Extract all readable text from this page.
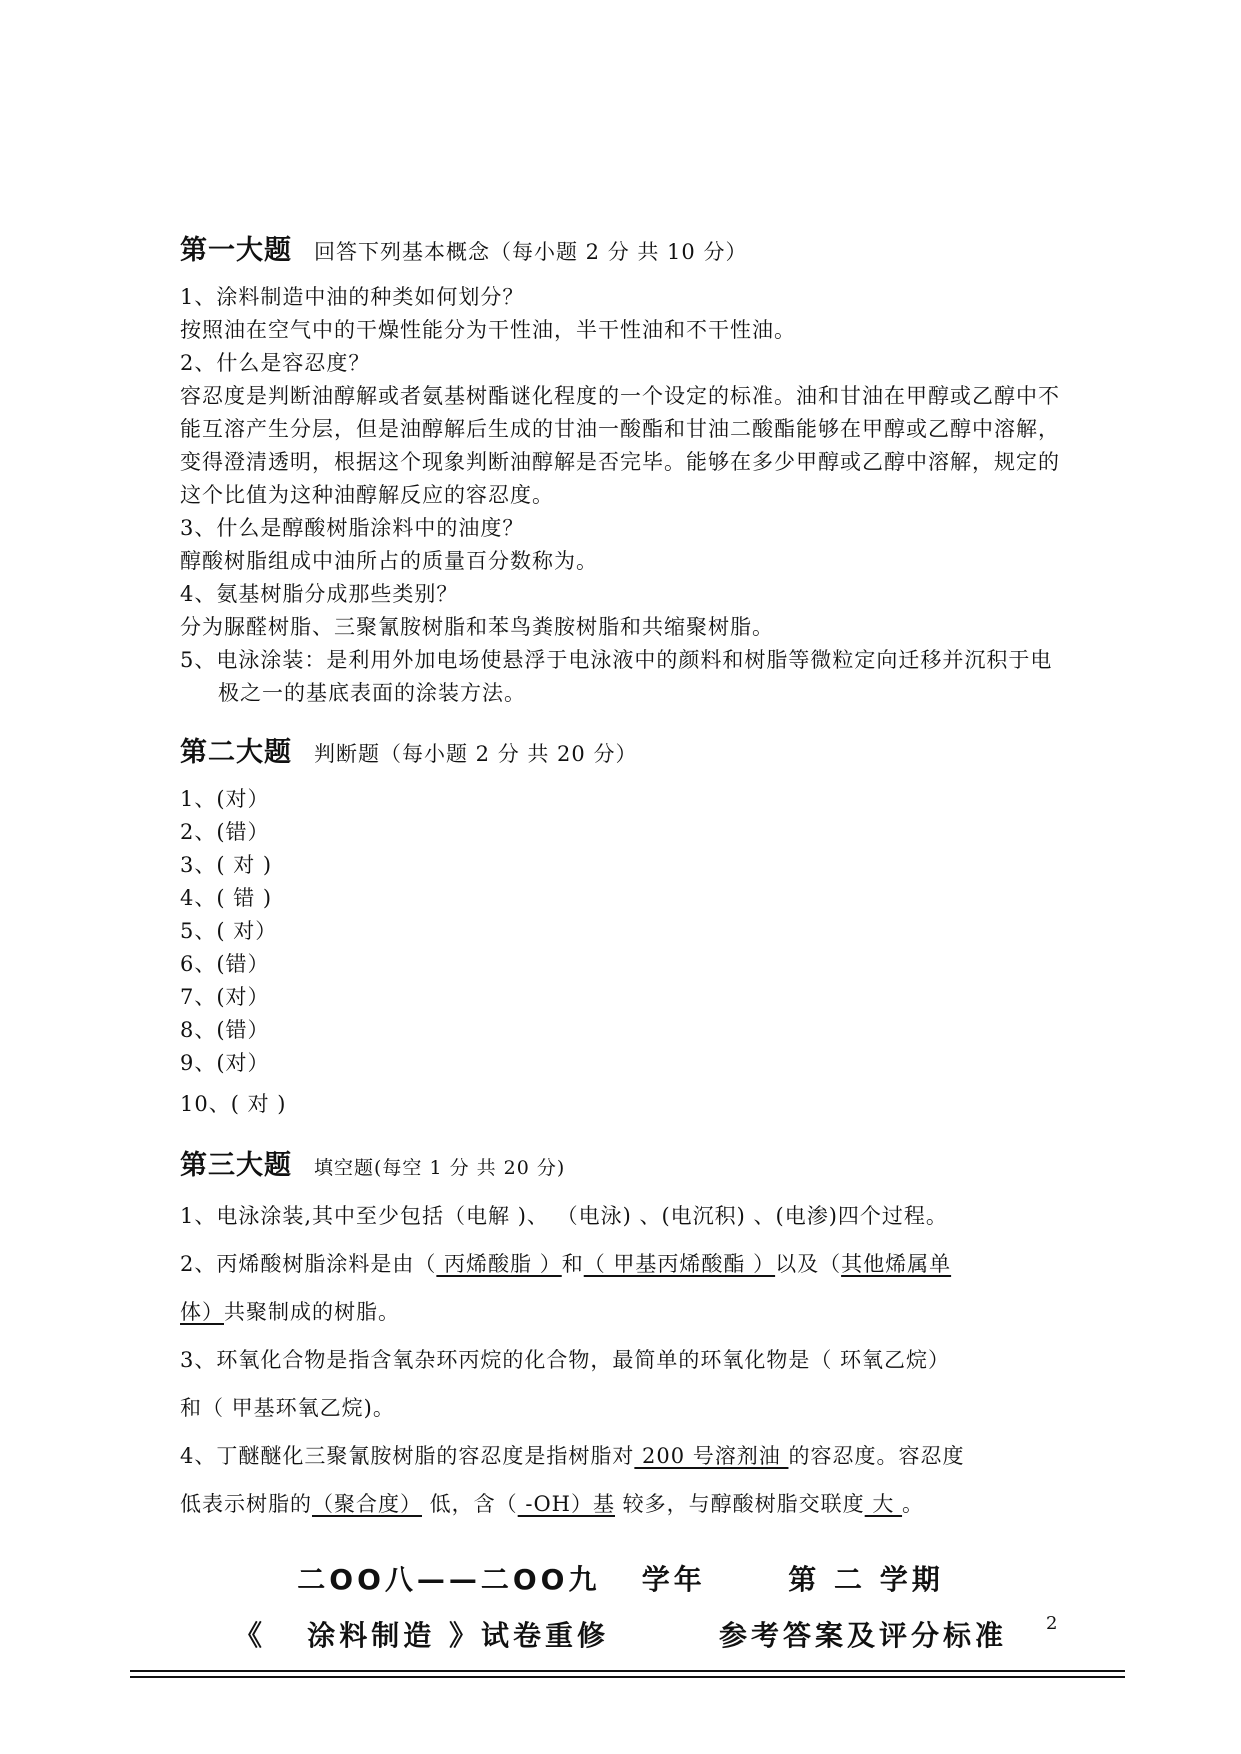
第一大题 回答下列基本概念（每小题 2 分 共 10 分）
1、涂料制造中油的种类如何划分？
按照油在空气中的干燥性能分为干性油，半干性油和不干性油。
2、什么是容忍度？
容忍度是判断油醇解或者氨基树酯谜化程度的一个设定的标准。油和甘油在甲醇或乙醇中不能互溶产生分层，但是油醇解后生成的甘油一酸酯和甘油二酸酯能够在甲醇或乙醇中溶解，变得澄清透明，根据这个现象判断油醇解是否完毕。能够在多少甲醇或乙醇中溶解，规定的这个比值为这种油醇解反应的容忍度。
3、什么是醇酸树脂涂料中的油度？
醇酸树脂组成中油所占的质量百分数称为。
4、氨基树脂分成那些类别？
分为脲醛树脂、三聚氰胺树脂和苯鸟粪胺树脂和共缩聚树脂。
5、电泳涂装：是利用外加电场使悬浮于电泳液中的颜料和树脂等微粒定向迁移并沉积于电极之一的基底表面的涂装方法。
第二大题 判断题（每小题 2 分 共 20 分）
1、(对）
2、(错）
3、( 对 )
4、( 错 )
5、( 对）
6、(错）
7、(对）
8、(错）
9、(对）
10、( 对 )
第三大题 填空题(每空 1 分 共 20 分)
1、电泳涂装,其中至少包括（电解 )、 （电泳) 、(电沉积) 、(电渗)四个过程。
2、丙烯酸树脂涂料是由（ 丙烯酸脂 ）和（ 甲基丙烯酸酯 ）以及（其他烯属单
体）共聚制成的树脂。
3、环氧化合物是指含氧杂环丙烷的化合物，最简单的环氧化物是（ 环氧乙烷）
和（ 甲基环氧乙烷)。
4、丁醚醚化三聚氰胺树脂的容忍度是指树脂对 200 号溶剂油 的容忍度。容忍度
低表示树脂的（聚合度） 低，含（ -OH）基 较多，与醇酸树脂交联度 大 。
二OO八——二OO九   学年      第 二 学期
《   涂料制造 》试卷重修        参考答案及评分标准	2
